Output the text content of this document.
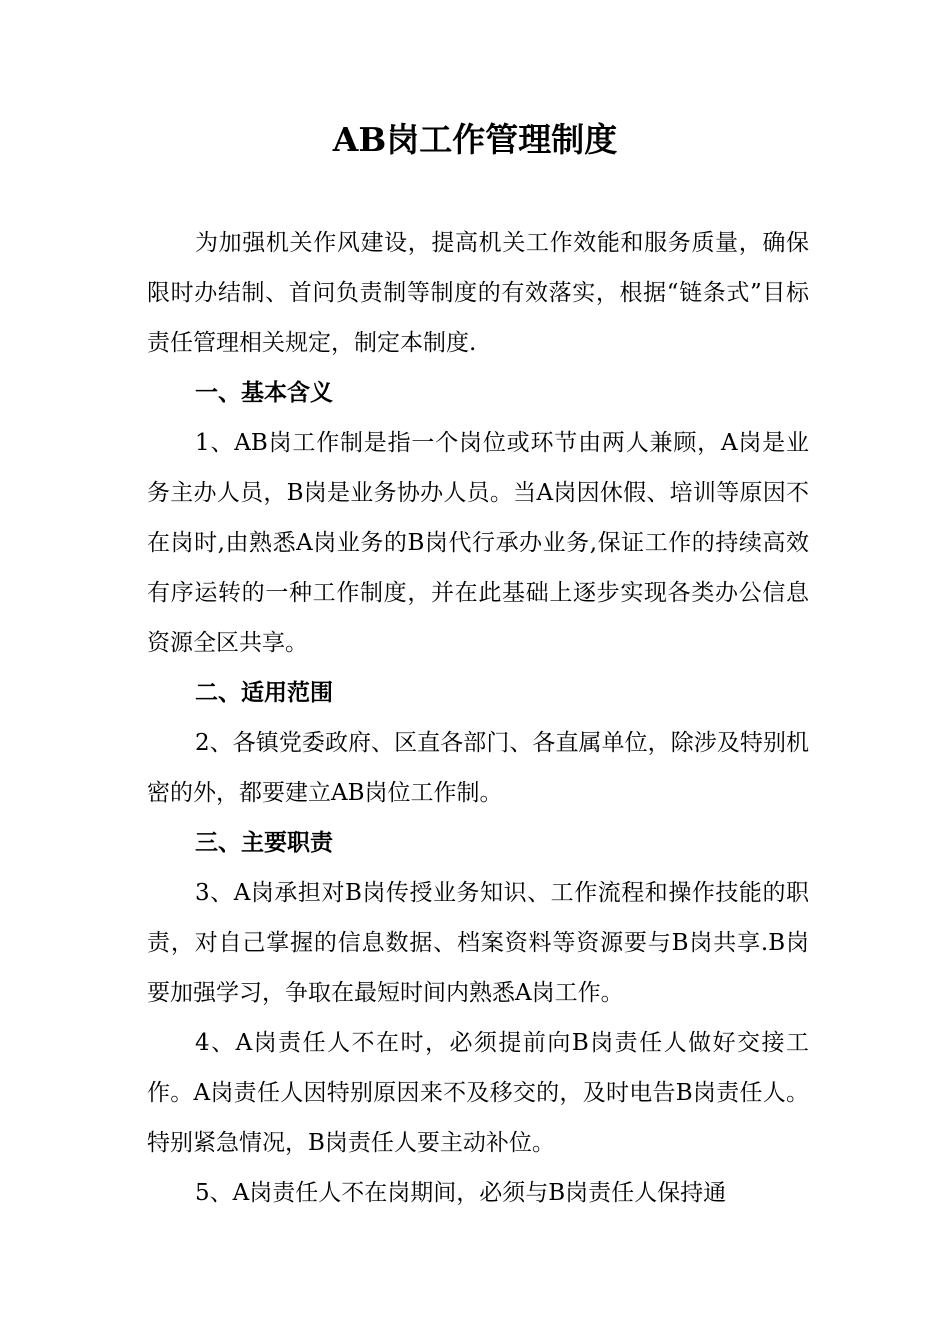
AB岗工作管理制度

为加强机关作风建设，提高机关工作效能和服务质量，确保限时办结制、首问负责制等制度的有效落实，根据“链条式”目标责任管理相关规定，制定本制度.

一、基本含义

1、AB岗工作制是指一个岗位或环节由两人兼顾，A岗是业务主办人员，B岗是业务协办人员。当A岗因休假、培训等原因不在岗时,由熟悉A岗业务的B岗代行承办业务,保证工作的持续高效有序运转的一种工作制度，并在此基础上逐步实现各类办公信息资源全区共享。

二、适用范围

2、各镇党委政府、区直各部门、各直属单位，除涉及特别机密的外，都要建立AB岗位工作制。

三、主要职责

3、A岗承担对B岗传授业务知识、工作流程和操作技能的职责，对自己掌握的信息数据、档案资料等资源要与B岗共享.B岗要加强学习，争取在最短时间内熟悉A岗工作。

4、A岗责任人不在时，必须提前向B岗责任人做好交接工作。A岗责任人因特别原因来不及移交的，及时电告B岗责任人。特别紧急情况，B岗责任人要主动补位。

5、A岗责任人不在岗期间，必须与B岗责任人保持通
